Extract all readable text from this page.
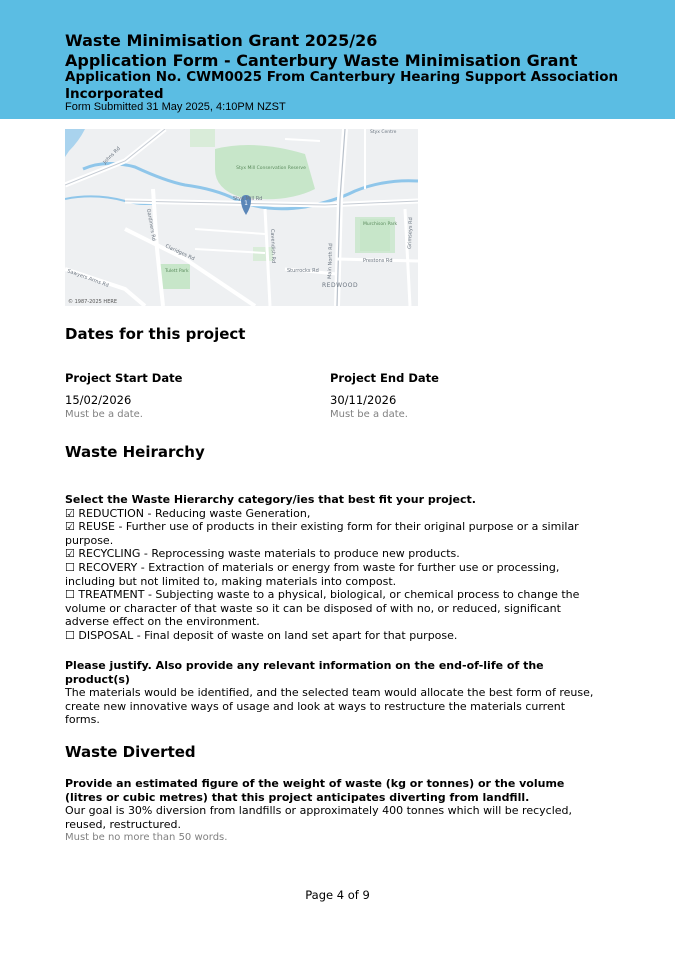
Waste Minimisation Grant 2025/26
Application Form - Canterbury Waste Minimisation Grant
Application No. CWM0025 From Canterbury Hearing Support Association Incorporated
Form Submitted 31 May 2025, 4:10PM NZST
1
Styx Mill Conservation Reserve
Styx Mill Rd
Johns Rd
Gardiners Rd
Claridges Rd	Cavendish Rd	Main North Rd	Prestons Rd
Sturrocks Rd
REDWOOD
Murchison Park
Tulett Park
Sawyers Arms Rd
Grimseys Rd
Styx Centre
© 1987-2025 HERE
Dates for this project
Project Start Date
15/02/2026
Must be a date.
Project End Date
30/11/2026
Must be a date.
Waste Heirarchy
Select the Waste Hierarchy category/ies that best fit your project.
☑ REDUCTION - Reducing waste Generation,
☑ REUSE - Further use of products in their existing form for their original purpose or a similar purpose.
☑ RECYCLING - Reprocessing waste materials to produce new products.
☐ RECOVERY - Extraction of materials or energy from waste for further use or processing, including but not limited to, making materials into compost.
☐ TREATMENT - Subjecting waste to a physical, biological, or chemical process to change the volume or character of that waste so it can be disposed of with no, or reduced, significant adverse effect on the environment.
☐ DISPOSAL - Final deposit of waste on land set apart for that purpose.
Please justify. Also provide any relevant information on the end-of-life of the product(s)
The materials would be identified, and the selected team would allocate the best form of reuse, create new innovative ways of usage and look at ways to restructure the materials current forms.
Waste Diverted
Provide an estimated figure of the weight of waste (kg or tonnes) or the volume (litres or cubic metres) that this project anticipates diverting from landfill.
Our goal is 30% diversion from landfills or approximately 400 tonnes which will be recycled, reused, restructured.
Must be no more than 50 words.
Page 4 of 9
